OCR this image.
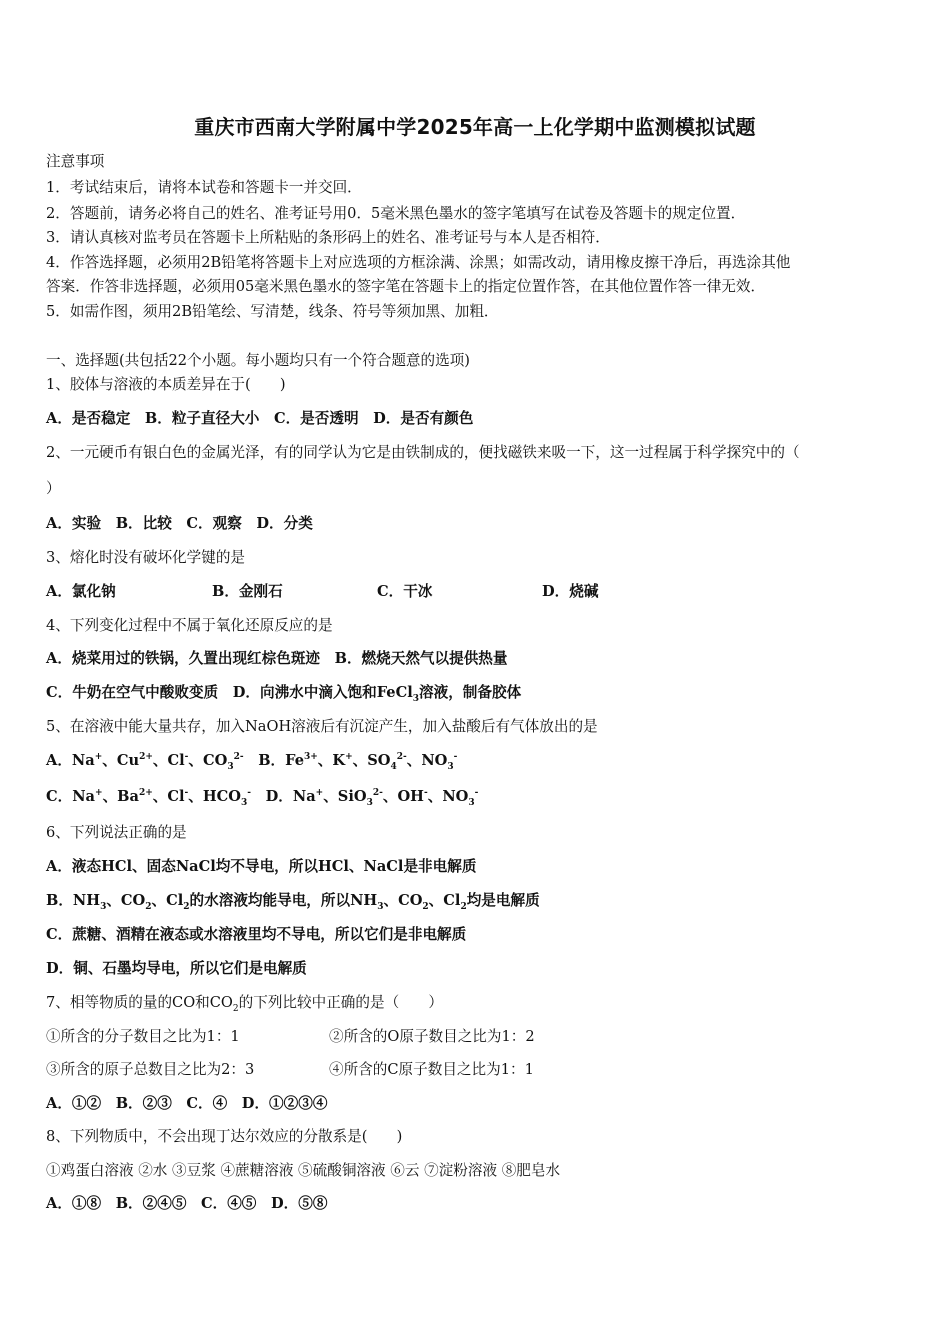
重庆市西南大学附属中学2025年高一上化学期中监测模拟试题
注意事项
1．考试结束后，请将本试卷和答题卡一并交回．
2．答题前，请务必将自己的姓名、准考证号用0．5毫米黑色墨水的签字笔填写在试卷及答题卡的规定位置．
3．请认真核对监考员在答题卡上所粘贴的条形码上的姓名、准考证号与本人是否相符．
4．作答选择题，必须用2B铅笔将答题卡上对应选项的方框涂满、涂黑；如需改动，请用橡皮擦干净后，再选涂其他
答案．作答非选择题，必须用05毫米黑色墨水的签字笔在答题卡上的指定位置作答，在其他位置作答一律无效．
5．如需作图，须用2B铅笔绘、写清楚，线条、符号等须加黑、加粗．
一、选择题(共包括22个小题。每小题均只有一个符合题意的选项)
1、胶体与溶液的本质差异在于(　　)
A．是否稳定　B．粒子直径大小　C．是否透明　D．是否有颜色
2、一元硬币有银白色的金属光泽，有的同学认为它是由铁制成的，便找磁铁来吸一下，这一过程属于科学探究中的（
）
A．实验　B．比较　C．观察　D．分类
3、熔化时没有破坏化学键的是
A．氯化钠	B．金刚石	C．干冰	D．烧碱
4、下列变化过程中不属于氧化还原反应的是
A．烧菜用过的铁锅，久置出现红棕色斑迹　B．燃烧天然气以提供热量
C．牛奶在空气中酸败变质　D．向沸水中滴入饱和FeCl$_3$溶液，制备胶体
5、在溶液中能大量共存，加入NaOH溶液后有沉淀产生，加入盐酸后有气体放出的是
A．Na+、$Cu^{2+}$、Cl-、$CO_3^{2-}$　B．$Fe^{3+}$、K+、$SO_4^{2-}$、$NO_3^-$
C．Na+、$Ba^{2+}$、Cl-、$HCO_3^-$　D．Na+、SiO$_3^{2-}$、OH-、$NO_3^-$
6、下列说法正确的是
A．液态HCl、固态NaCl均不导电，所以HCl、NaCl是非电解质
B．$NH_3$、$CO_2$、$Cl_2$的水溶液均能导电，所以$NH_3$、$CO_2$、$Cl_2$均是电解质
C．蔗糖、酒精在液态或水溶液里均不导电，所以它们是非电解质
D．铜、石墨均导电，所以它们是电解质
7、相等物质的量的CO和$CO_2$的下列比较中正确的是（　　）
①所含的分子数目之比为1：1	②所含的O原子数目之比为1：2
③所含的原子总数目之比为2：3	④所含的C原子数目之比为1：1
A．①②　B．②③　C．④　D．①②③④
8、下列物质中，不会出现丁达尔效应的分散系是(　　)
①鸡蛋白溶液 ②水 ③豆浆 ④蔗糖溶液 ⑤硫酸铜溶液 ⑥云 ⑦淀粉溶液 ⑧肥皂水
A．①⑧　B．②④⑤　C．④⑤　D．⑤⑧
